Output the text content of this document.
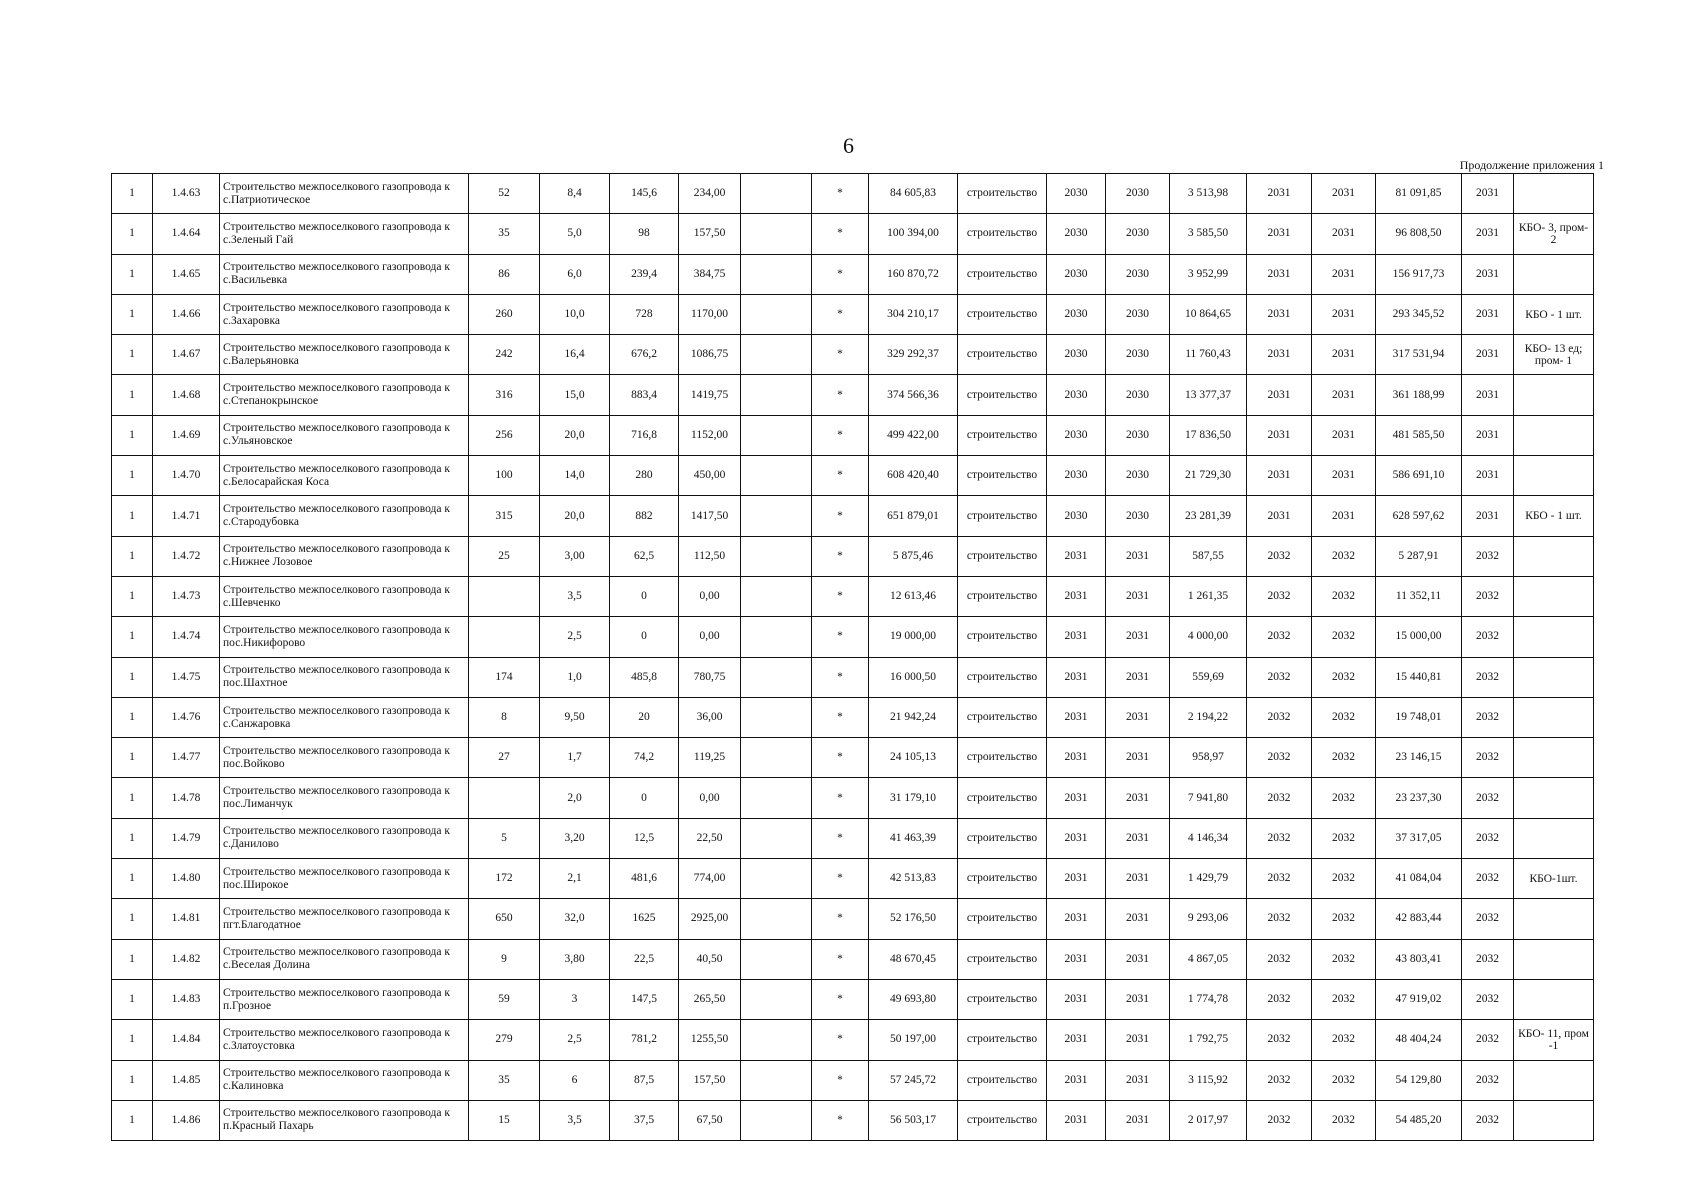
6
Продолжение приложения 1
1	1.4.63	Строительство межпоселкового газопровода к с.Патриотическое	52	8,4	145,6	234,00		*	84 605,83	строительство	2030	2030	3 513,98	2031	2031	81 091,85	2031	
1	1.4.64	Строительство межпоселкового газопровода к с.Зеленый Гай	35	5,0	98	157,50		*	100 394,00	строительство	2030	2030	3 585,50	2031	2031	96 808,50	2031	КБО- 3, пром- 2
1	1.4.65	Строительство межпоселкового газопровода к с.Васильевка	86	6,0	239,4	384,75		*	160 870,72	строительство	2030	2030	3 952,99	2031	2031	156 917,73	2031	
1	1.4.66	Строительство межпоселкового газопровода к с.Захаровка	260	10,0	728	1170,00		*	304 210,17	строительство	2030	2030	10 864,65	2031	2031	293 345,52	2031	КБО - 1 шт.
1	1.4.67	Строительство межпоселкового газопровода к с.Валерьяновка	242	16,4	676,2	1086,75		*	329 292,37	строительство	2030	2030	11 760,43	2031	2031	317 531,94	2031	КБО- 13 ед; пром- 1
1	1.4.68	Строительство межпоселкового газопровода к с.Степанокрынское	316	15,0	883,4	1419,75		*	374 566,36	строительство	2030	2030	13 377,37	2031	2031	361 188,99	2031	
1	1.4.69	Строительство межпоселкового газопровода к с.Ульяновское	256	20,0	716,8	1152,00		*	499 422,00	строительство	2030	2030	17 836,50	2031	2031	481 585,50	2031	
1	1.4.70	Строительство межпоселкового газопровода к с.Белосарайская Коса	100	14,0	280	450,00		*	608 420,40	строительство	2030	2030	21 729,30	2031	2031	586 691,10	2031	
1	1.4.71	Строительство межпоселкового газопровода к с.Стародубовка	315	20,0	882	1417,50		*	651 879,01	строительство	2030	2030	23 281,39	2031	2031	628 597,62	2031	КБО - 1 шт.
1	1.4.72	Строительство межпоселкового газопровода к с.Нижнее Лозовое	25	3,00	62,5	112,50		*	5 875,46	строительство	2031	2031	587,55	2032	2032	5 287,91	2032	
1	1.4.73	Строительство межпоселкового газопровода к с.Шевченко		3,5	0	0,00		*	12 613,46	строительство	2031	2031	1 261,35	2032	2032	11 352,11	2032	
1	1.4.74	Строительство межпоселкового газопровода к пос.Никифорово		2,5	0	0,00		*	19 000,00	строительство	2031	2031	4 000,00	2032	2032	15 000,00	2032	
1	1.4.75	Строительство межпоселкового газопровода к пос.Шахтное	174	1,0	485,8	780,75		*	16 000,50	строительство	2031	2031	559,69	2032	2032	15 440,81	2032	
1	1.4.76	Строительство межпоселкового газопровода к с.Санжаровка	8	9,50	20	36,00		*	21 942,24	строительство	2031	2031	2 194,22	2032	2032	19 748,01	2032	
1	1.4.77	Строительство межпоселкового газопровода к пос.Войково	27	1,7	74,2	119,25		*	24 105,13	строительство	2031	2031	958,97	2032	2032	23 146,15	2032	
1	1.4.78	Строительство межпоселкового газопровода к пос.Лиманчук		2,0	0	0,00		*	31 179,10	строительство	2031	2031	7 941,80	2032	2032	23 237,30	2032	
1	1.4.79	Строительство межпоселкового газопровода к с.Данилово	5	3,20	12,5	22,50		*	41 463,39	строительство	2031	2031	4 146,34	2032	2032	37 317,05	2032	
1	1.4.80	Строительство межпоселкового газопровода к пос.Широкое	172	2,1	481,6	774,00		*	42 513,83	строительство	2031	2031	1 429,79	2032	2032	41 084,04	2032	КБО-1шт.
1	1.4.81	Строительство межпоселкового газопровода к пгт.Благодатное	650	32,0	1625	2925,00		*	52 176,50	строительство	2031	2031	9 293,06	2032	2032	42 883,44	2032	
1	1.4.82	Строительство межпоселкового газопровода к с.Веселая Долина	9	3,80	22,5	40,50		*	48 670,45	строительство	2031	2031	4 867,05	2032	2032	43 803,41	2032	
1	1.4.83	Строительство межпоселкового газопровода к п.Грозное	59	3	147,5	265,50		*	49 693,80	строительство	2031	2031	1 774,78	2032	2032	47 919,02	2032	
1	1.4.84	Строительство межпоселкового газопровода к с.Златоустовка	279	2,5	781,2	1255,50		*	50 197,00	строительство	2031	2031	1 792,75	2032	2032	48 404,24	2032	КБО- 11, пром -1
1	1.4.85	Строительство межпоселкового газопровода к с.Калиновка	35	6	87,5	157,50		*	57 245,72	строительство	2031	2031	3 115,92	2032	2032	54 129,80	2032	
1	1.4.86	Строительство межпоселкового газопровода к п.Красный Пахарь	15	3,5	37,5	67,50		*	56 503,17	строительство	2031	2031	2 017,97	2032	2032	54 485,20	2032	
